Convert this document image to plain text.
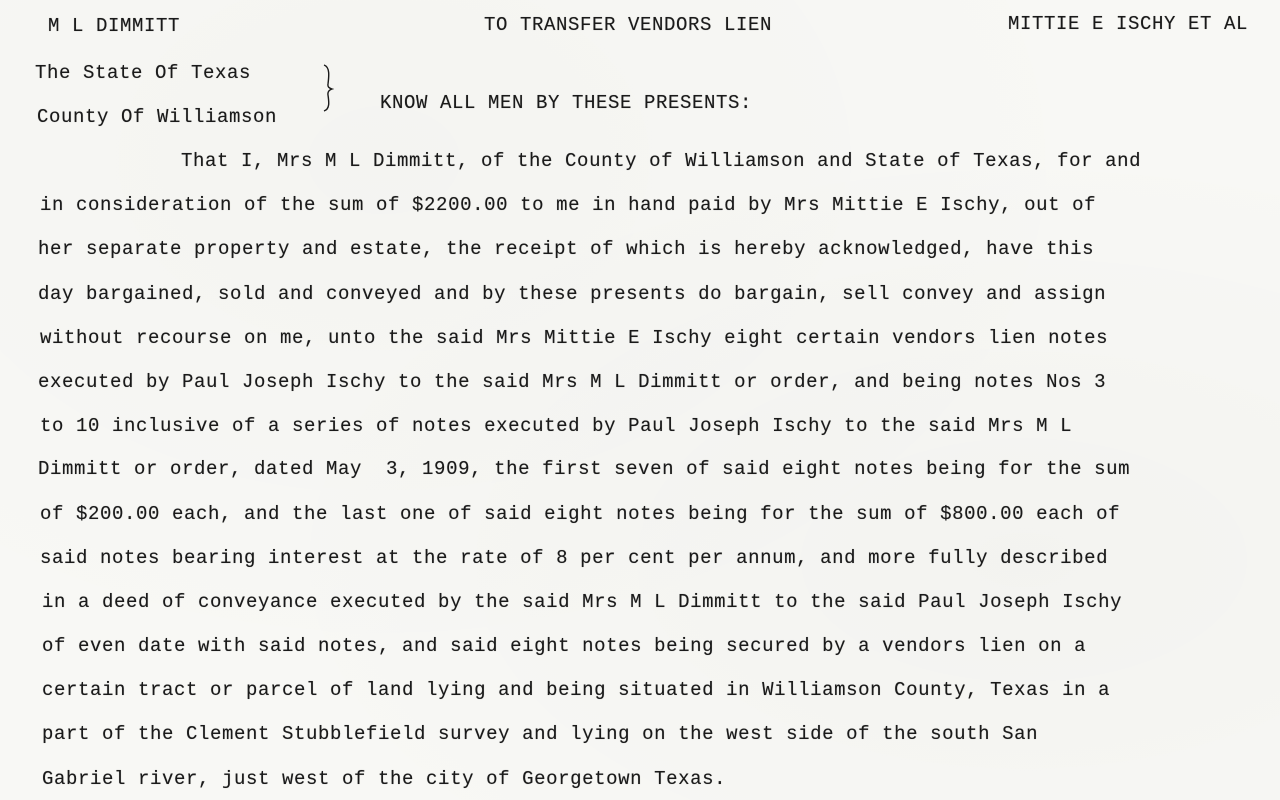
M L DIMMITT	TO TRANSFER VENDORS LIEN	MITTIE E ISCHY ET AL
The State Of Texas
County Of Williamson
KNOW ALL MEN BY THESE PRESENTS:
That I, Mrs M L Dimmitt, of the County of Williamson and State of Texas, for and
in consideration of the sum of $2200.00 to me in hand paid by Mrs Mittie E Ischy, out of
her separate property and estate, the receipt of which is hereby acknowledged, have this
day bargained, sold and conveyed and by these presents do bargain, sell convey and assign
without recourse on me, unto the said Mrs Mittie E Ischy eight certain vendors lien notes
executed by Paul Joseph Ischy to the said Mrs M L Dimmitt or order, and being notes Nos 3
to 10 inclusive of a series of notes executed by Paul Joseph Ischy to the said Mrs M L
Dimmitt or order, dated May  3, 1909, the first seven of said eight notes being for the sum
of $200.00 each, and the last one of said eight notes being for the sum of $800.00 each of
said notes bearing interest at the rate of 8 per cent per annum, and more fully described
in a deed of conveyance executed by the said Mrs M L Dimmitt to the said Paul Joseph Ischy
of even date with said notes, and said eight notes being secured by a vendors lien on a
certain tract or parcel of land lying and being situated in Williamson County, Texas in a
part of the Clement Stubblefield survey and lying on the west side of the south San
Gabriel river, just west of the city of Georgetown Texas.
